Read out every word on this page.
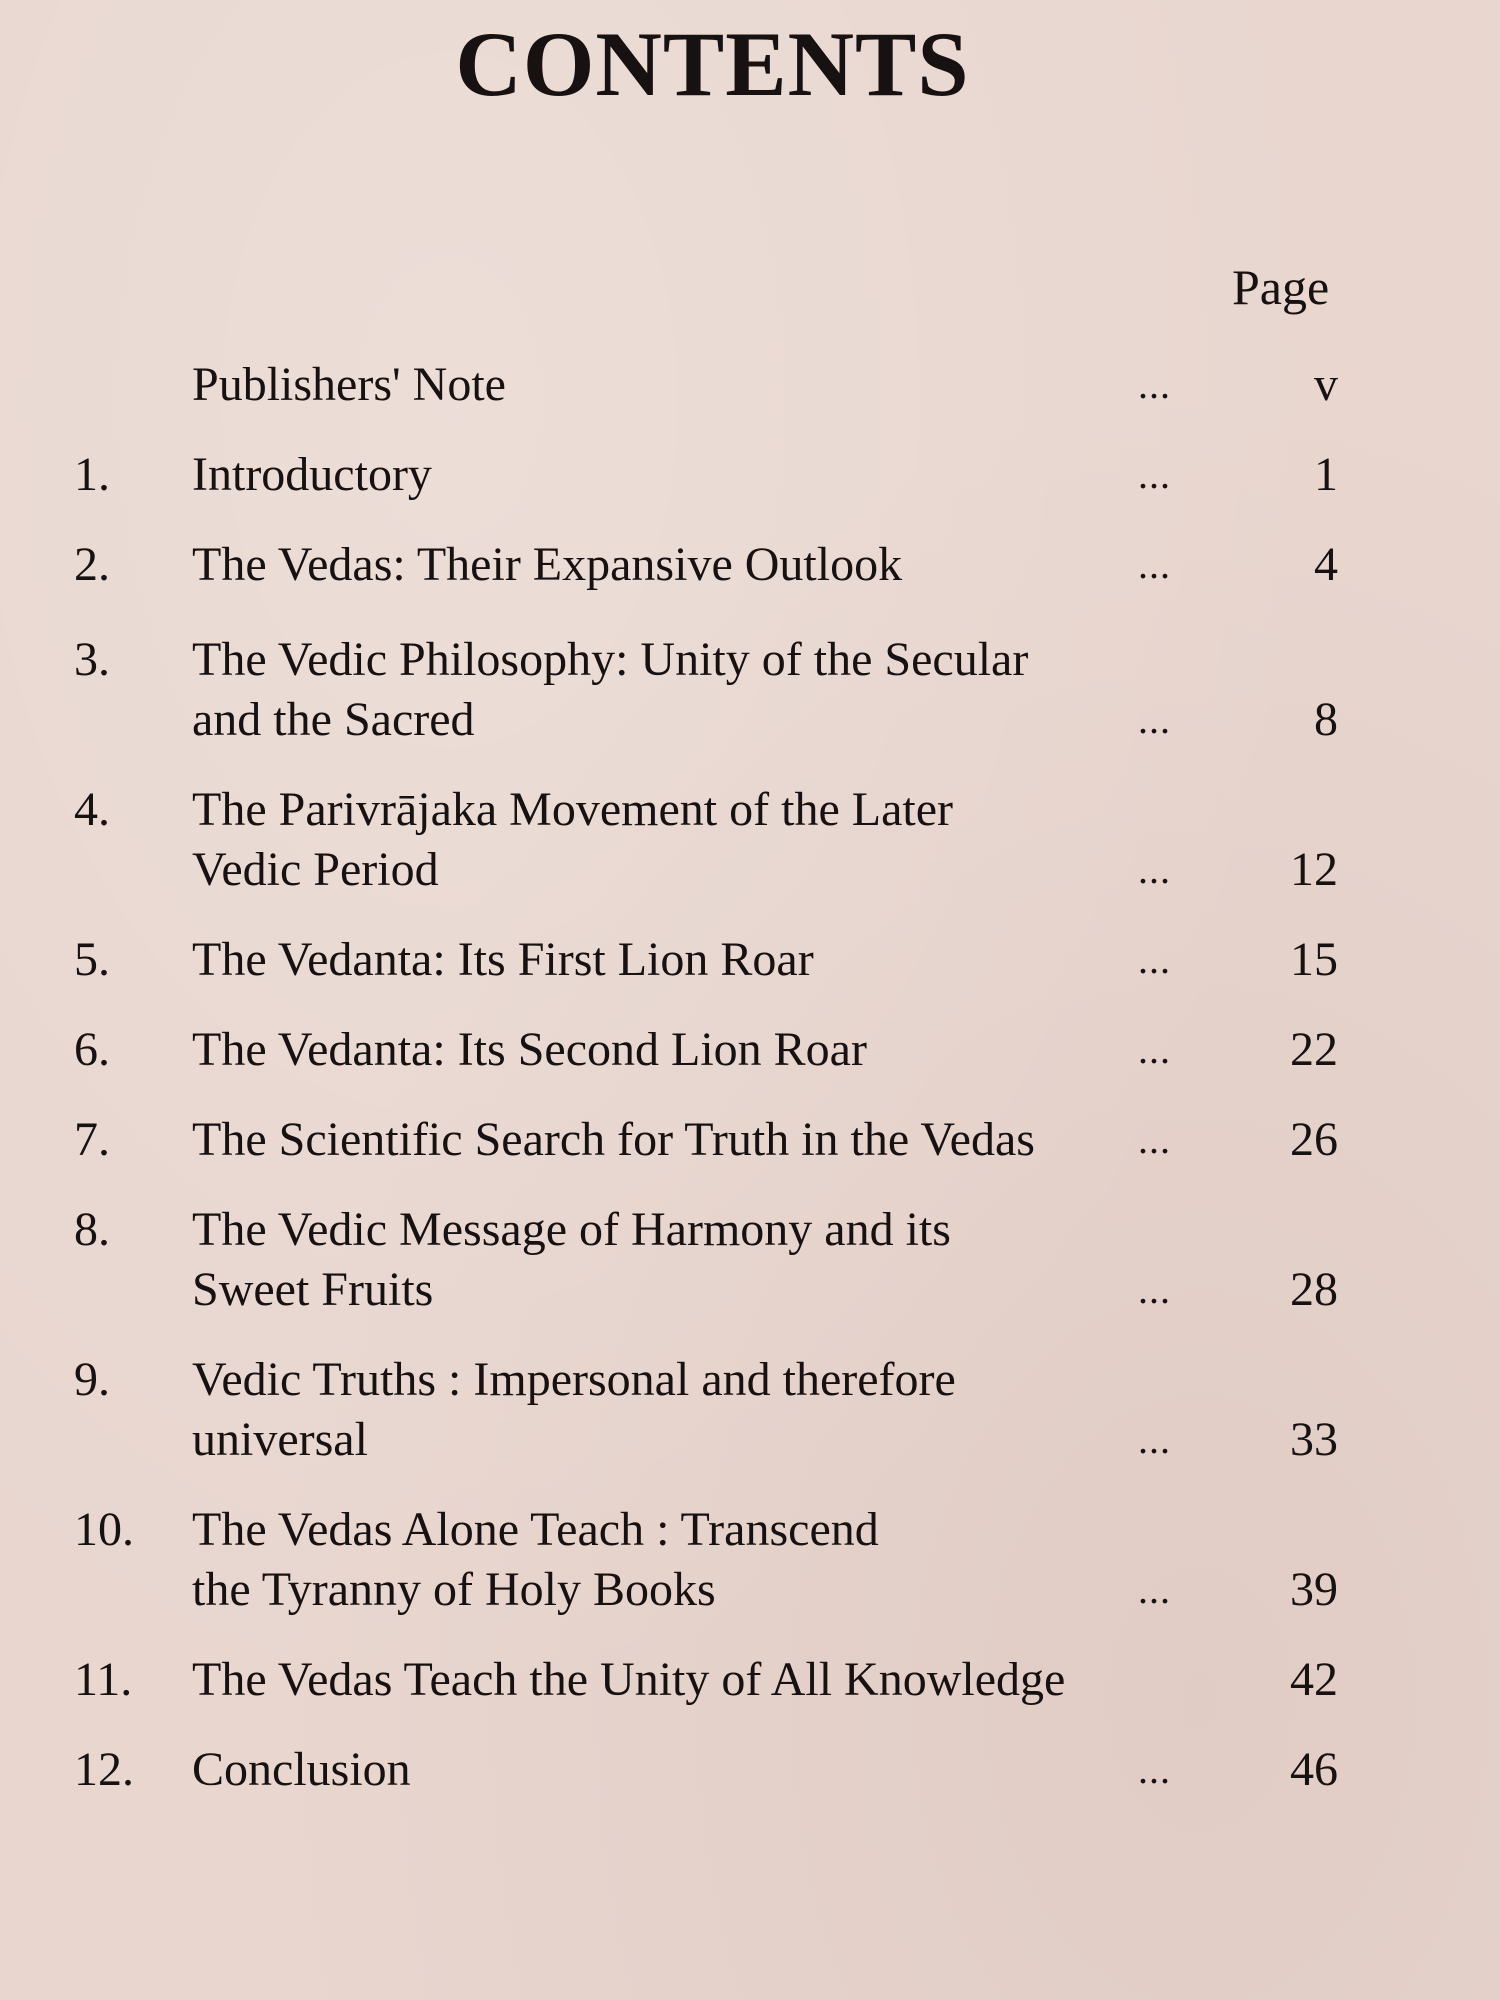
CONTENTS
Page
Publishers' Note	...	v
1. Introductory	...	1
2. The Vedas: Their Expansive Outlook	...	4
3. The Vedic Philosophy: Unity of the Secular
and the Sacred	...	8
4. The Parivrājaka Movement of the Later
Vedic Period	... 12
5. The Vedanta: Its First Lion Roar	... 15
6. The Vedanta: Its Second Lion Roar	... 22
7. The Scientific Search for Truth in the Vedas	... 26
8. The Vedic Message of Harmony and its
Sweet Fruits	... 28
9. Vedic Truths : Impersonal and therefore
universal	... 33
10. The Vedas Alone Teach : Transcend
the Tyranny of Holy Books	... 39
11. The Vedas Teach the Unity of All Knowledge	42
12. Conclusion	... 46
